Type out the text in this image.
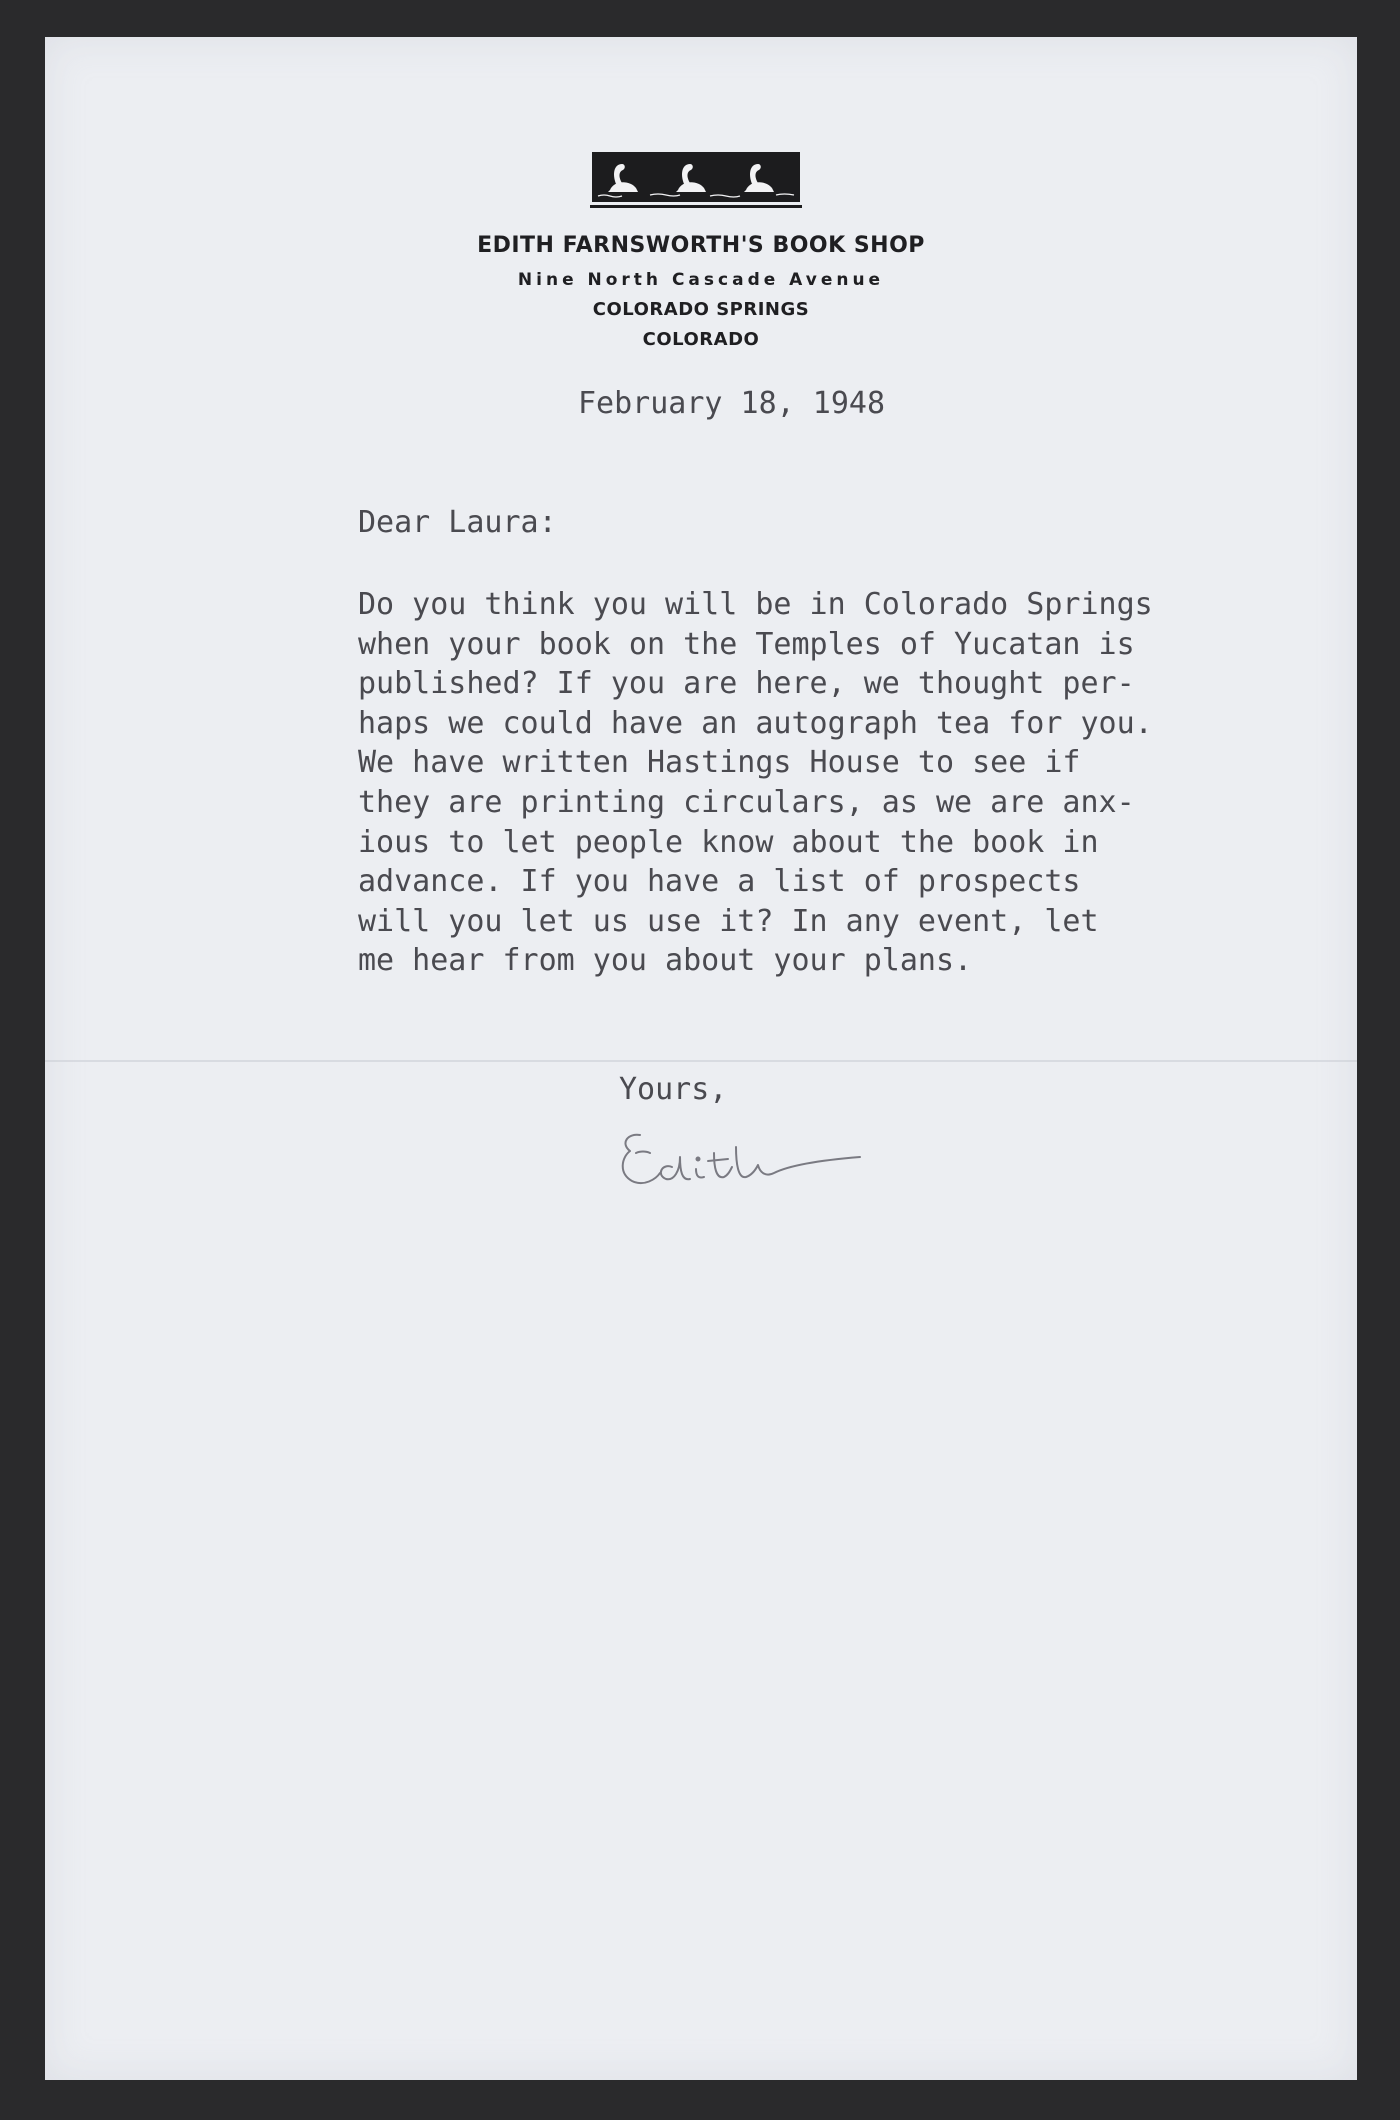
EDITH FARNSWORTH'S BOOK SHOP
Nine North Cascade Avenue
COLORADO SPRINGS
COLORADO
February 18, 1948
Dear Laura:
Do you think you will be in Colorado Springs
when your book on the Temples of Yucatan is
published? If you are here, we thought per-
haps we could have an autograph tea for you.
We have written Hastings House to see if
they are printing circulars, as we are anx-
ious to let people know about the book in
advance. If you have a list of prospects
will you let us use it? In any event, let
me hear from you about your plans.
Yours,
